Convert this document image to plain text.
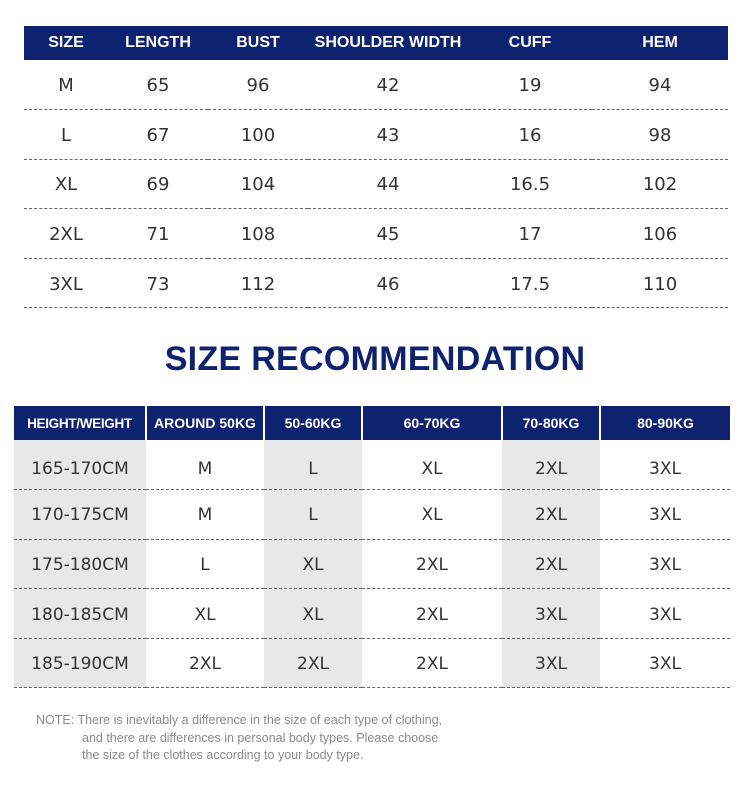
SIZE	LENGTH	BUST	SHOULDER WIDTH	CUFF	HEM
M	65	96	42	19	94
L	67	100	43	16	98
XL	69	104	44	16.5	102
2XL	71	108	45	17	106
3XL	73	112	46	17.5	110
SIZE RECOMMENDATION
HEIGHT/WEIGHT	AROUND 50KG	50-60KG	60-70KG	70-80KG	80-90KG
165-170CM	M	L	XL	2XL	3XL
170-175CM	M	L	XL	2XL	3XL
175-180CM	L	XL	2XL	2XL	3XL
180-185CM	XL	XL	2XL	3XL	3XL
185-190CM	2XL	2XL	2XL	3XL	3XL
NOTE: There is inevitably a difference in the size of each type of clothing,
and there are differences in personal body types. Please choose
the size of the clothes according to your body type.
